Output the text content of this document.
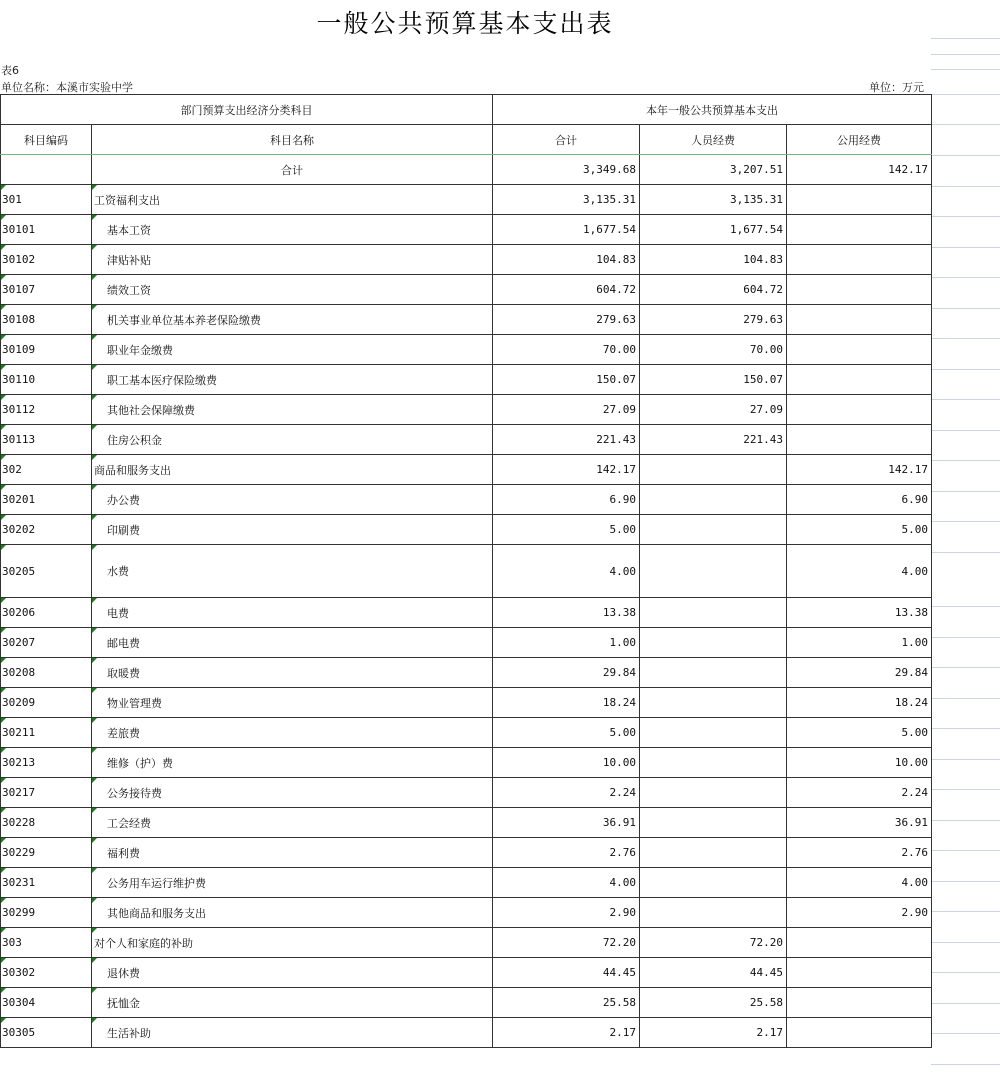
一般公共预算基本支出表
表6
单位名称：本溪市实验中学	单位：万元
部门预算支出经济分类科目		本年一般公共预算基本支出		
科目编码	科目名称	合计	人员经费	公用经费
	合计	3,349.68	3,207.51	142.17
301	工资福利支出	3,135.31	3,135.31	
30101	基本工资	1,677.54	1,677.54	
30102	津贴补贴	104.83	104.83	
30107	绩效工资	604.72	604.72	
30108	机关事业单位基本养老保险缴费	279.63	279.63	
30109	职业年金缴费	70.00	70.00	
30110	职工基本医疗保险缴费	150.07	150.07	
30112	其他社会保障缴费	27.09	27.09	
30113	住房公积金	221.43	221.43	
302	商品和服务支出	142.17		142.17
30201	办公费	6.90		6.90
30202	印刷费	5.00		5.00
30205	水费	4.00		4.00
30206	电费	13.38		13.38
30207	邮电费	1.00		1.00
30208	取暖费	29.84		29.84
30209	物业管理费	18.24		18.24
30211	差旅费	5.00		5.00
30213	维修（护）费	10.00		10.00
30217	公务接待费	2.24		2.24
30228	工会经费	36.91		36.91
30229	福利费	2.76		2.76
30231	公务用车运行维护费	4.00		4.00
30299	其他商品和服务支出	2.90		2.90
303	对个人和家庭的补助	72.20	72.20	
30302	退休费	44.45	44.45	
30304	抚恤金	25.58	25.58	
30305	生活补助	2.17	2.17	
